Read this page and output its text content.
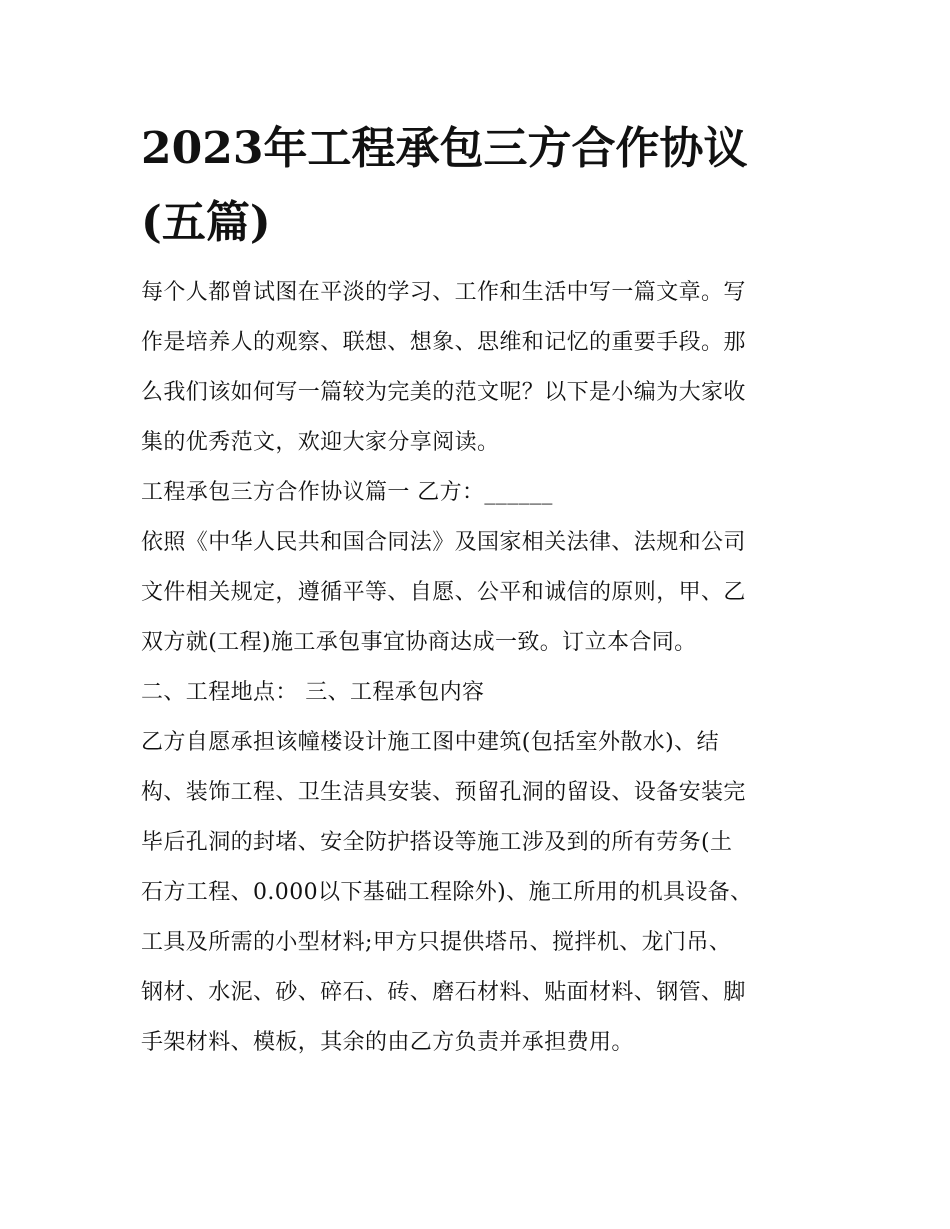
2023年工程承包三方合作协议
(五篇)

每个人都曾试图在平淡的学习、工作和生活中写一篇文章。写
作是培养人的观察、联想、想象、思维和记忆的重要手段。那
么我们该如何写一篇较为完美的范文呢？以下是小编为大家收
集的优秀范文，欢迎大家分享阅读。

工程承包三方合作协议篇一 乙方：______

依照《中华人民共和国合同法》及国家相关法律、法规和公司
文件相关规定，遵循平等、自愿、公平和诚信的原则，甲、乙
双方就(工程)施工承包事宜协商达成一致。订立本合同。

二、工程地点： 三、工程承包内容

乙方自愿承担该幢楼设计施工图中建筑(包括室外散水)、结
构、装饰工程、卫生洁具安装、预留孔洞的留设、设备安装完
毕后孔洞的封堵、安全防护搭设等施工涉及到的所有劳务(土
石方工程、0.000以下基础工程除外)、施工所用的机具设备、
工具及所需的小型材料;甲方只提供塔吊、搅拌机、龙门吊、
钢材、水泥、砂、碎石、砖、磨石材料、贴面材料、钢管、脚
手架材料、模板，其余的由乙方负责并承担费用。
